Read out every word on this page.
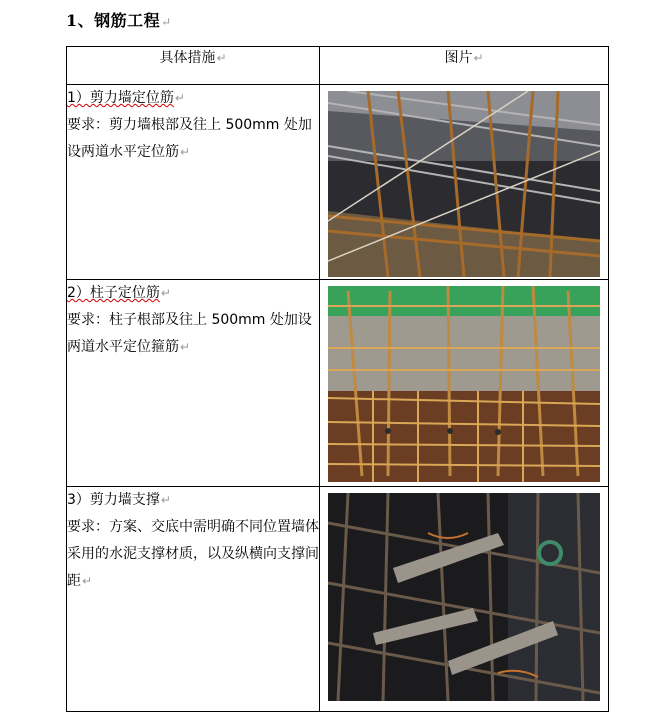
1、钢筋工程↵
具体措施↵	图片↵

1）剪力墙定位筋↵

要求：剪力墙根部及往上 500mm 处加设两道水平定位筋↵

2）柱子定位筋↵

要求：柱子根部及往上 500mm 处加设两道水平定位箍筋↵

3）剪力墙支撑↵

要求：方案、交底中需明确不同位置墙体采用的水泥支撑材质，以及纵横向支撑间距↵
